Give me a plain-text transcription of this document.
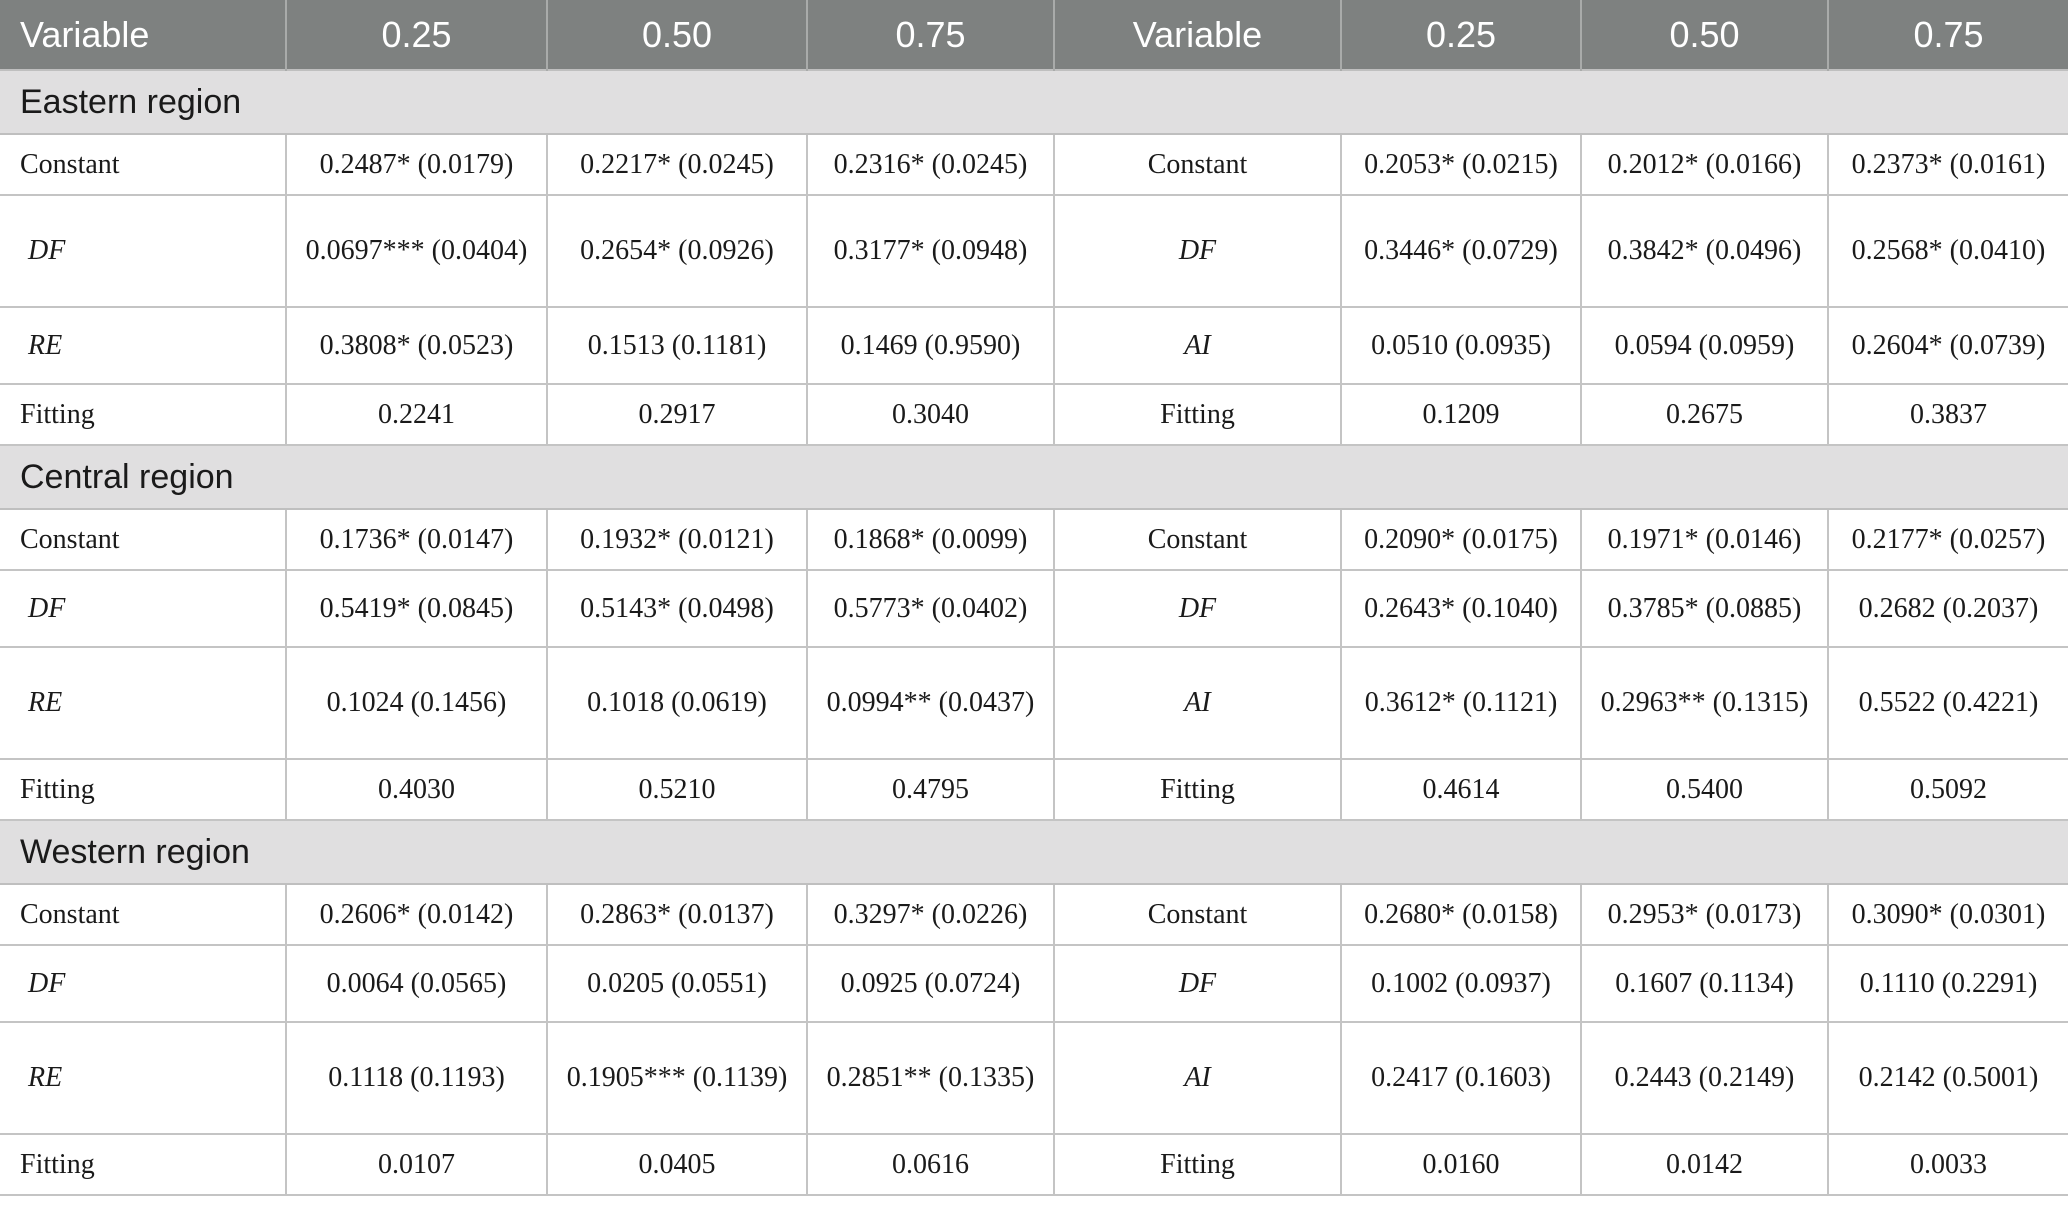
Variable	0.25	0.50	0.75	Variable	0.25	0.50	0.75
Eastern region							
Constant	0.2487* (0.0179)	0.2217* (0.0245)	0.2316* (0.0245)	Constant	0.2053* (0.0215)	0.2012* (0.0166)	0.2373* (0.0161)
DF	0.0697*** (0.0404)	0.2654* (0.0926)	0.3177* (0.0948)	DF	0.3446* (0.0729)	0.3842* (0.0496)	0.2568* (0.0410)
RE	0.3808* (0.0523)	0.1513 (0.1181)	0.1469 (0.9590)	AI	0.0510 (0.0935)	0.0594 (0.0959)	0.2604* (0.0739)
Fitting	0.2241	0.2917	0.3040	Fitting	0.1209	0.2675	0.3837
Central region							
Constant	0.1736* (0.0147)	0.1932* (0.0121)	0.1868* (0.0099)	Constant	0.2090* (0.0175)	0.1971* (0.0146)	0.2177* (0.0257)
DF	0.5419* (0.0845)	0.5143* (0.0498)	0.5773* (0.0402)	DF	0.2643* (0.1040)	0.3785* (0.0885)	0.2682 (0.2037)
RE	0.1024 (0.1456)	0.1018 (0.0619)	0.0994** (0.0437)	AI	0.3612* (0.1121)	0.2963** (0.1315)	0.5522 (0.4221)
Fitting	0.4030	0.5210	0.4795	Fitting	0.4614	0.5400	0.5092
Western region							
Constant	0.2606* (0.0142)	0.2863* (0.0137)	0.3297* (0.0226)	Constant	0.2680* (0.0158)	0.2953* (0.0173)	0.3090* (0.0301)
DF	0.0064 (0.0565)	0.0205 (0.0551)	0.0925 (0.0724)	DF	0.1002 (0.0937)	0.1607 (0.1134)	0.1110 (0.2291)
RE	0.1118 (0.1193)	0.1905*** (0.1139)	0.2851** (0.1335)	AI	0.2417 (0.1603)	0.2443 (0.2149)	0.2142 (0.5001)
Fitting	0.0107	0.0405	0.0616	Fitting	0.0160	0.0142	0.0033
